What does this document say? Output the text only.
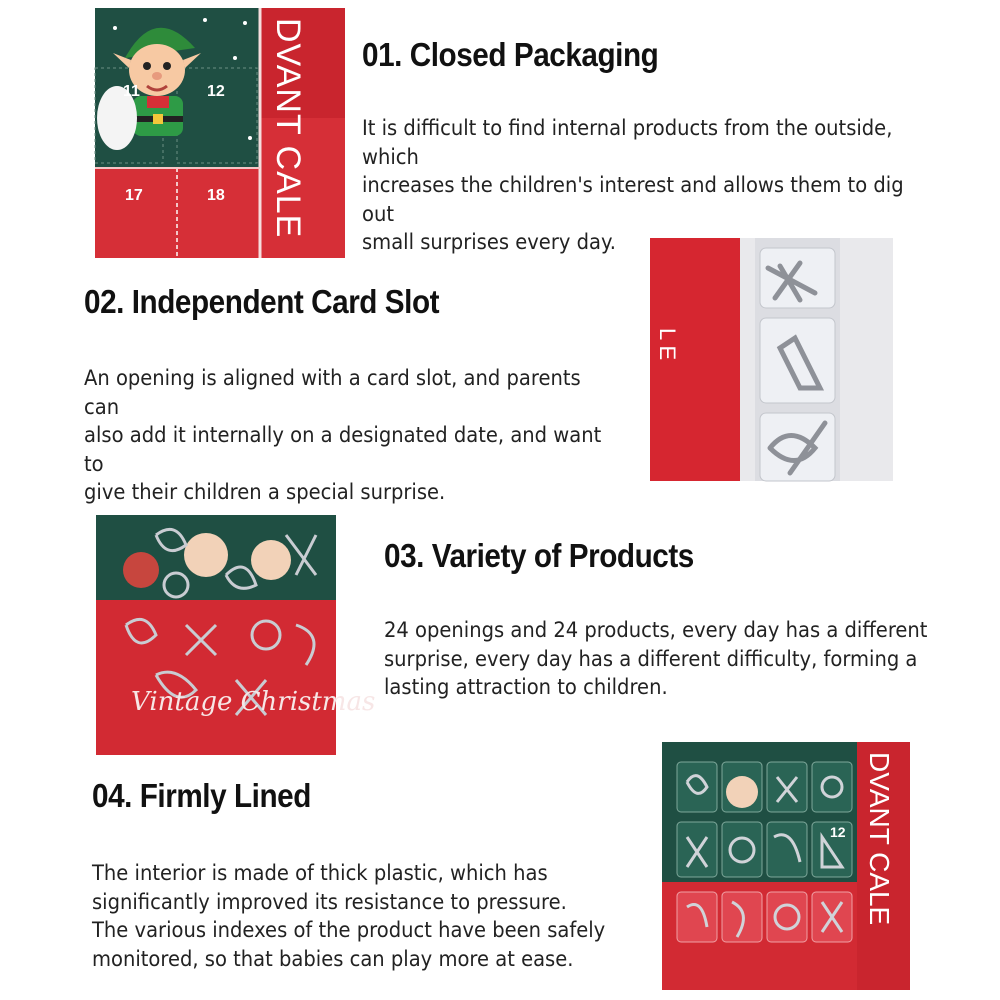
11	12
17	18 DVANT CALE 01. Closed Packaging

It is difficult to find internal products from the outside, which
increases the children's interest and allows them to dig out
small surprises every day.

02. Independent Card Slot

An opening is aligned with a card slot, and parents can
also add it internally on a designated date, and want to
give their children a special surprise.

L E
Vintage Christmas
03. Variety of Products

24 openings and 24 products, every day has a different
surprise, every day has a different difficulty, forming a
lasting attraction to children.

04. Firmly Lined

The interior is made of thick plastic, which has
significantly improved its resistance to pressure.
The various indexes of the product have been safely
monitored, so that babies can play more at ease.

12 DVANT CALE
